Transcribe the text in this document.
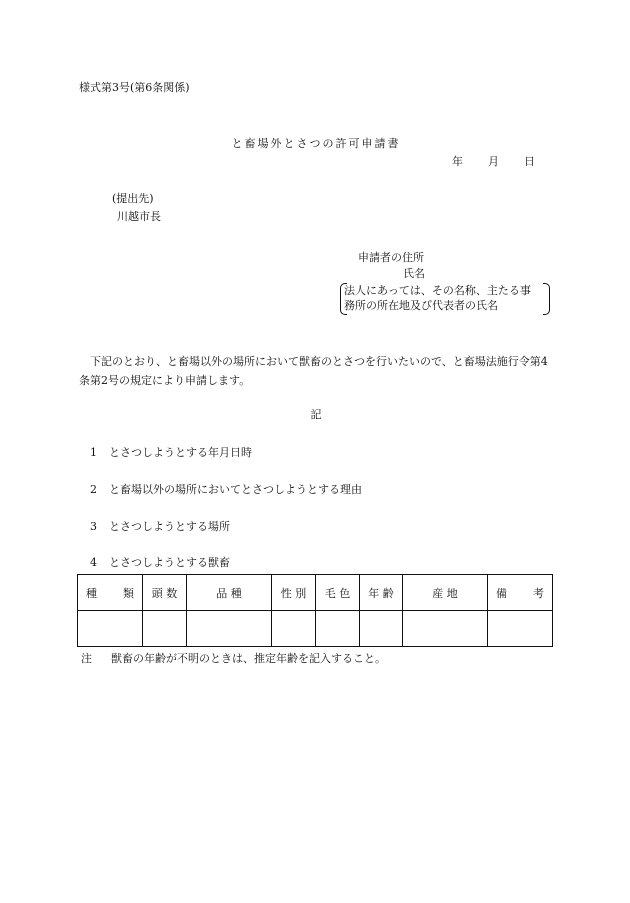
様式第3号(第6条関係)
と畜場外とさつの許可申請書
年	月	日
(提出先)
川越市長
申請者の住所
氏名
法人にあっては、その名称、主たる事
務所の所在地及び代表者の氏名
下記のとおり、と畜場以外の場所において獣畜のとさつを行いたいので、と畜場法施行令第4条第2号の規定により申請します。
記
1 とさつしようとする年月日時
2 と畜場以外の場所においてとさつしようとする理由
3 とさつしようとする場所
4 とさつしようとする獣畜
種 類	頭 数	品 種	性 別	毛 色	年 齢	産 地	備 考

注 獣畜の年齢が不明のときは、推定年齢を記入すること。
